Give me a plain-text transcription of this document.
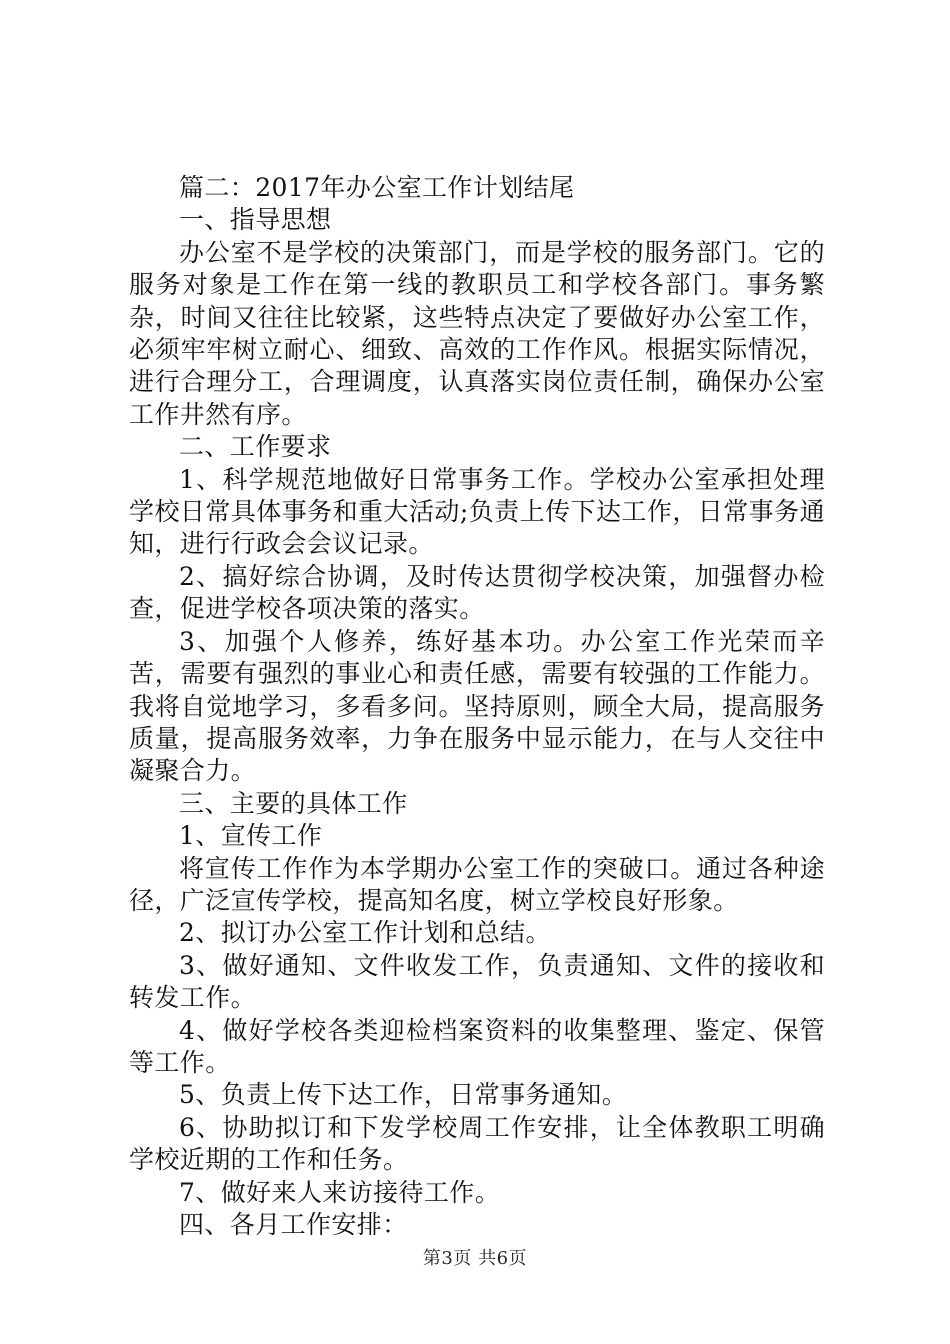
篇二：2017年办公室工作计划结尾

一、指导思想

办公室不是学校的决策部门，而是学校的服务部门。它的服务对象是工作在第一线的教职员工和学校各部门。事务繁杂，时间又往往比较紧，这些特点决定了要做好办公室工作，必须牢牢树立耐心、细致、高效的工作作风。根据实际情况，进行合理分工，合理调度，认真落实岗位责任制，确保办公室工作井然有序。

二、工作要求

1、科学规范地做好日常事务工作。学校办公室承担处理学校日常具体事务和重大活动;负责上传下达工作，日常事务通知，进行行政会会议记录。

2、搞好综合协调，及时传达贯彻学校决策，加强督办检查，促进学校各项决策的落实。

3、加强个人修养，练好基本功。办公室工作光荣而辛苦，需要有强烈的事业心和责任感，需要有较强的工作能力。我将自觉地学习，多看多问。坚持原则，顾全大局，提高服务质量，提高服务效率，力争在服务中显示能力，在与人交往中凝聚合力。

三、主要的具体工作

1、宣传工作

将宣传工作作为本学期办公室工作的突破口。通过各种途径，广泛宣传学校，提高知名度，树立学校良好形象。

2、拟订办公室工作计划和总结。

3、做好通知、文件收发工作，负责通知、文件的接收和转发工作。

4、做好学校各类迎检档案资料的收集整理、鉴定、保管等工作。

5、负责上传下达工作，日常事务通知。

6、协助拟订和下发学校周工作安排，让全体教职工明确学校近期的工作和任务。

7、做好来人来访接待工作。

四、各月工作安排：

第3页 共6页
